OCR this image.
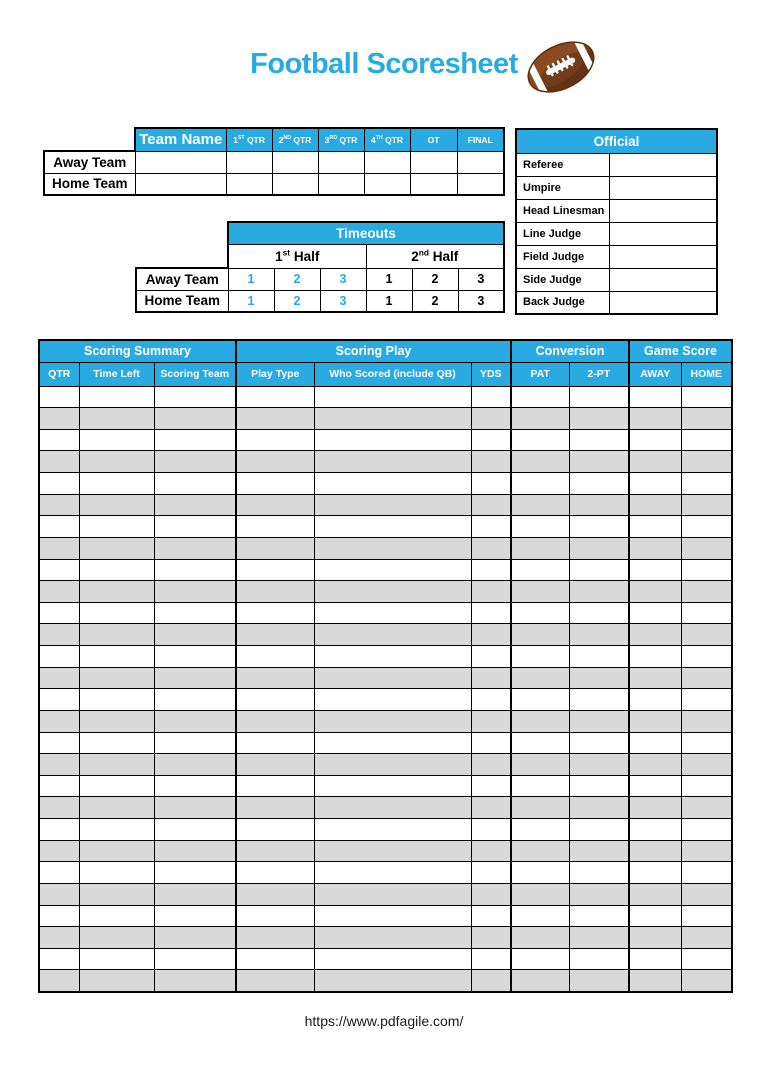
Football Scoresheet
	Team Name	1ST QTR	2ND QTR	3RD QTR	4TH QTR	OT	FINAL
Away Team							
Home Team							
Official	
Referee	
Umpire	
Head Linesman	
Line Judge	
Field Judge	
Side Judge	
Back Judge	
	Timeouts					
	1st Half			2nd Half		
Away Team	1	2	3	1	2	3
Home Team	1	2	3	1	2	3
Scoring Summary			Scoring Play			Conversion		Game Score	
QTR	Time Left	Scoring Team	Play Type	Who Scored (include QB)	YDS	PAT	2-PT	AWAY	HOME

https://www.pdfagile.com/
